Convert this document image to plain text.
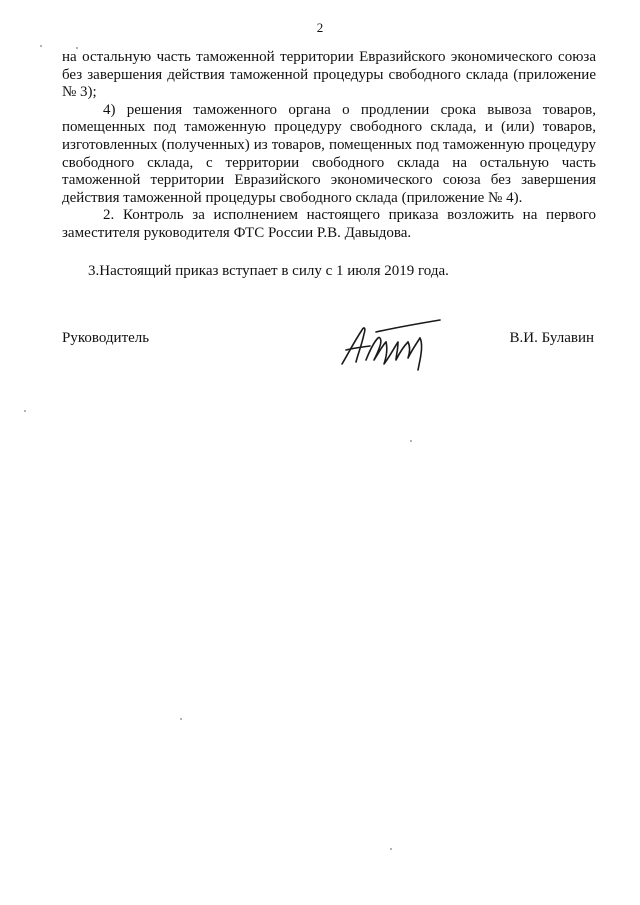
2

на остальную часть таможенной территории Евразийского экономического союза без завершения действия таможенной процедуры свободного склада (приложение № 3);

4) решения таможенного органа о продлении срока вывоза товаров, помещенных под таможенную процедуру свободного склада, и (или) товаров, изготовленных (полученных) из товаров, помещенных под таможенную процедуру свободного склада, с территории свободного склада на остальную часть таможенной территории Евразийского экономического союза без завершения действия таможенной процедуры свободного склада (приложение № 4).

2. Контроль за исполнением настоящего приказа возложить на первого заместителя руководителя ФТС России Р.В. Давыдова.

3.Настоящий приказ вступает в силу с 1 июля 2019 года.

Руководитель	В.И. Булавин
